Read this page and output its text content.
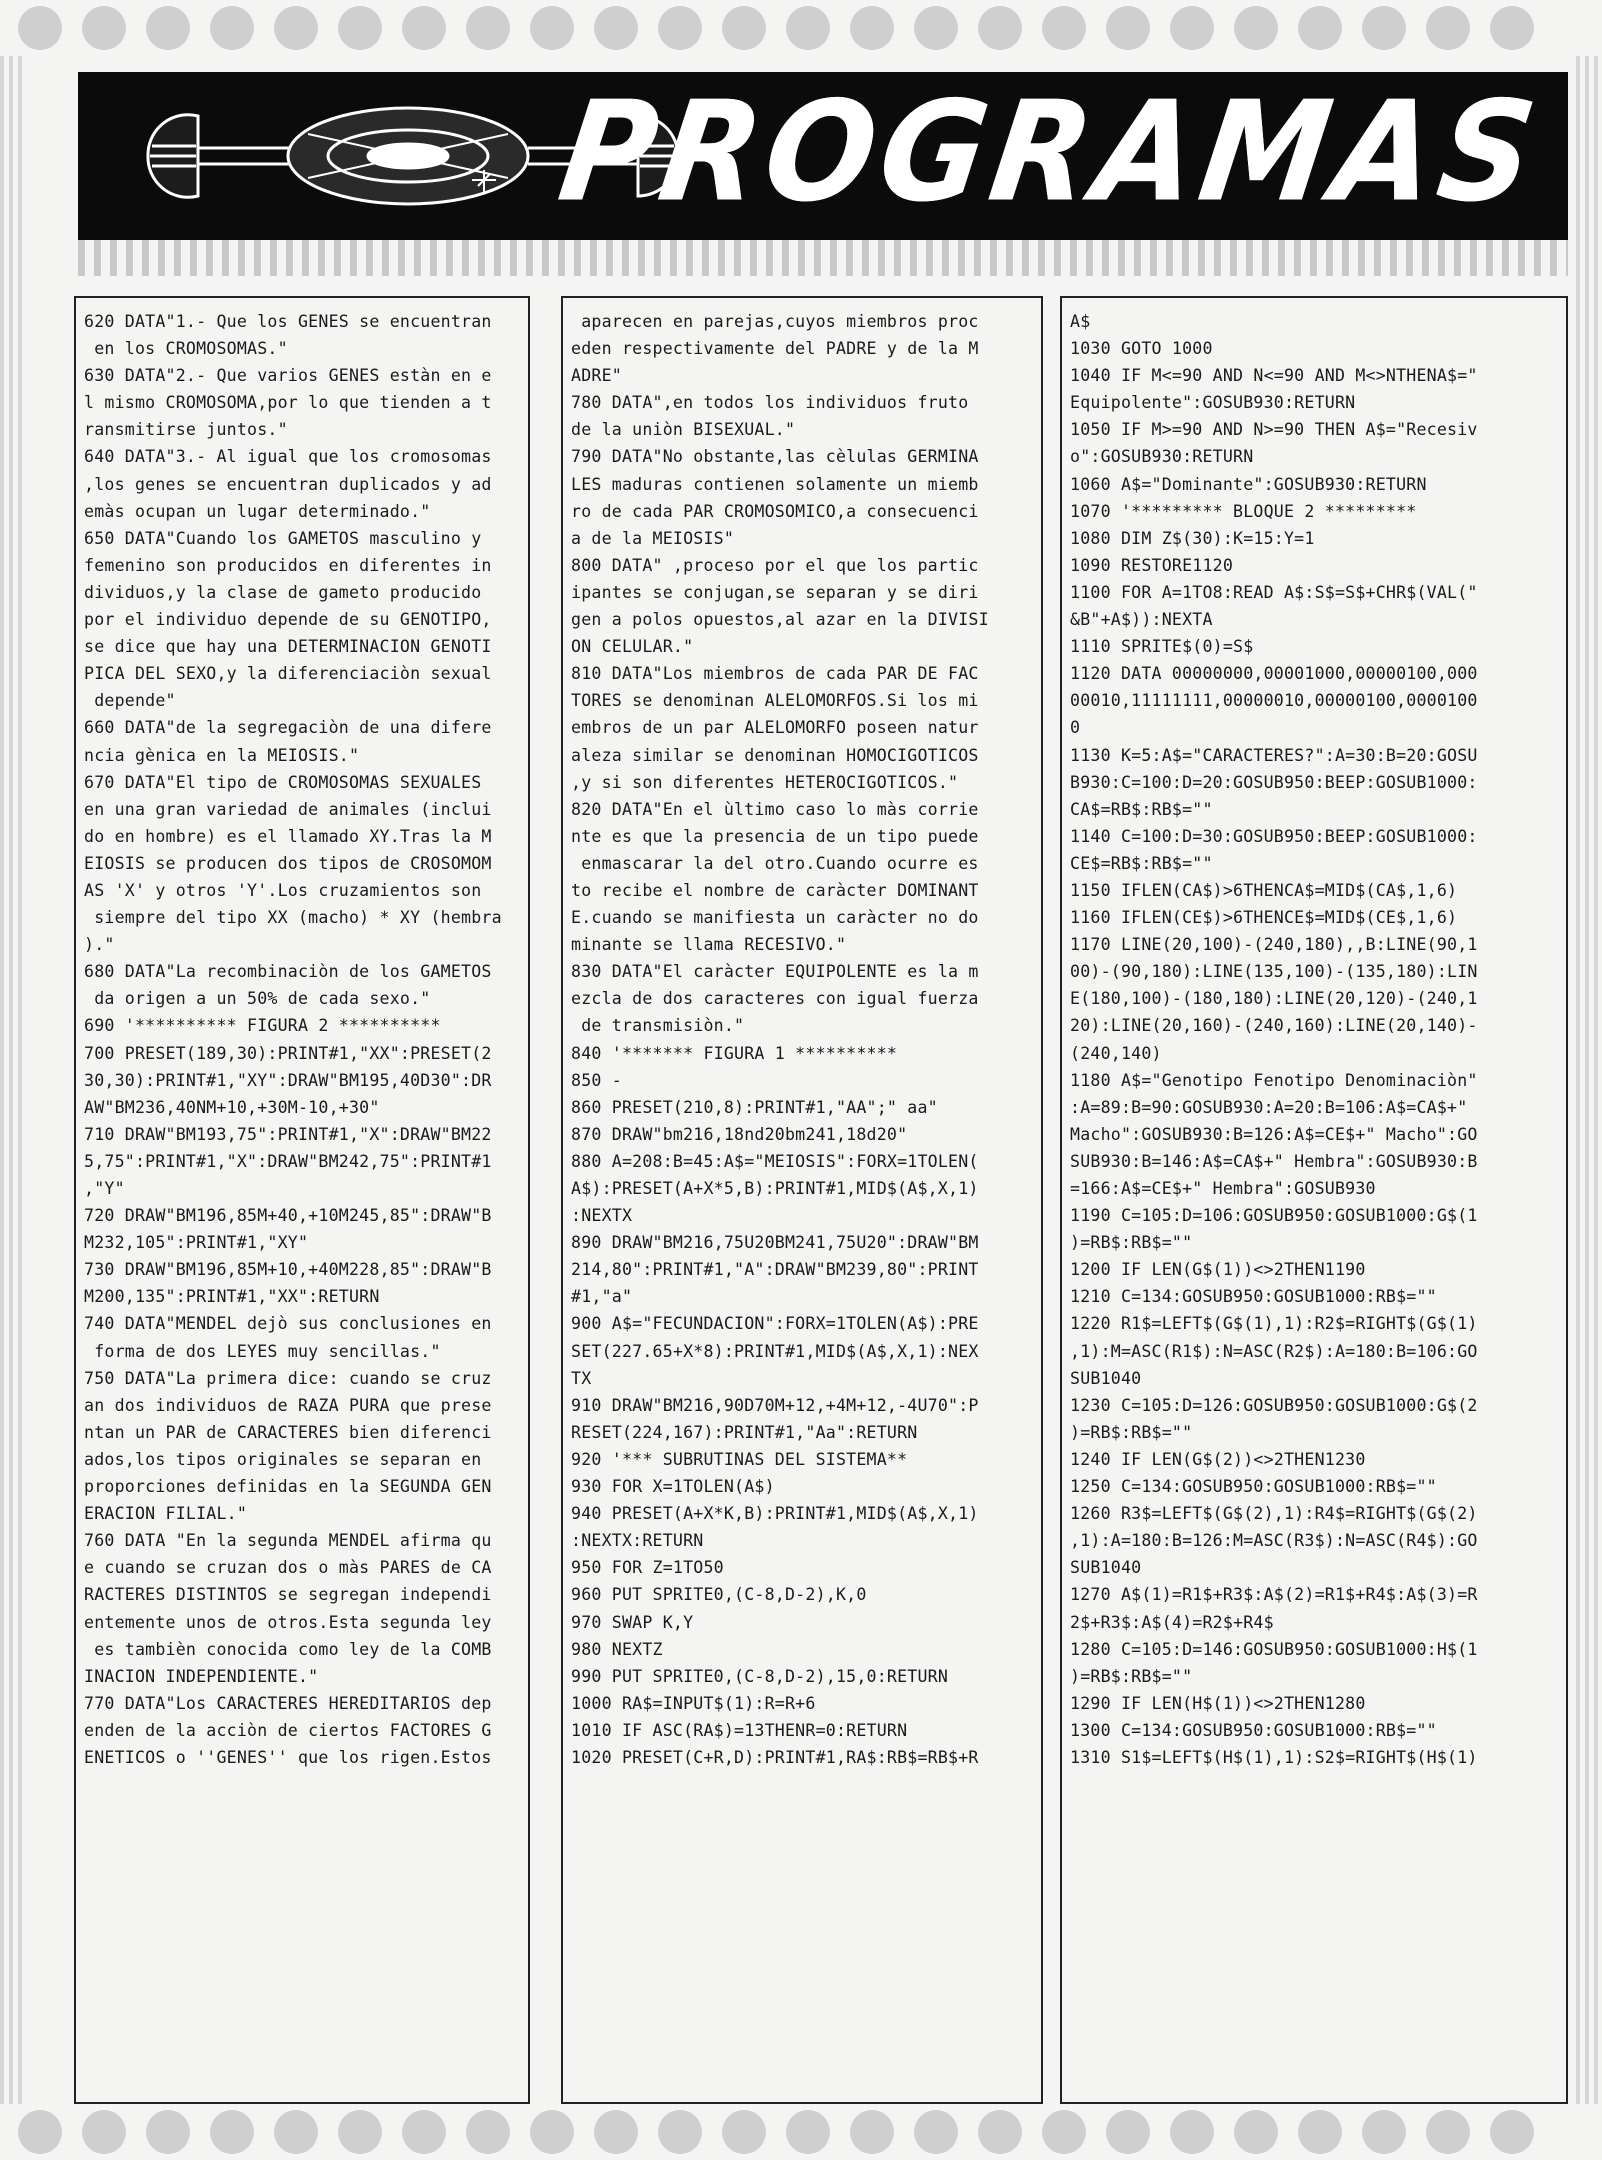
PROGRAMAS
620 DATA"1.- Que los GENES se encuentran
en los CROMOSOMAS."
630 DATA"2.- Que varios GENES estàn en e
l mismo CROMOSOMA,por lo que tienden a t
ransmitirse juntos."
640 DATA"3.- Al igual que los cromosomas
,los genes se encuentran duplicados y ad
emàs ocupan un lugar determinado."
650 DATA"Cuando los GAMETOS masculino y
femenino son producidos en diferentes in
dividuos,y la clase de gameto producido
por el individuo depende de su GENOTIPO,
se dice que hay una DETERMINACION GENOTI
PICA DEL SEXO,y la diferenciaciòn sexual
depende"
660 DATA"de la segregaciòn de una difere
ncia gènica en la MEIOSIS."
670 DATA"El tipo de CROMOSOMAS SEXUALES
en una gran variedad de animales (inclui
do en hombre) es el llamado XY.Tras la M
EIOSIS se producen dos tipos de CROSOMOM
AS 'X' y otros 'Y'.Los cruzamientos son
siempre del tipo XX (macho) * XY (hembra
)."
680 DATA"La recombinaciòn de los GAMETOS
da origen a un 50% de cada sexo."
690 '********** FIGURA 2 **********
700 PRESET(189,30):PRINT#1,"XX":PRESET(2
30,30):PRINT#1,"XY":DRAW"BM195,40D30":DR
AW"BM236,40NM+10,+30M-10,+30"
710 DRAW"BM193,75":PRINT#1,"X":DRAW"BM22
5,75":PRINT#1,"X":DRAW"BM242,75":PRINT#1
,"Y"
720 DRAW"BM196,85M+40,+10M245,85":DRAW"B
M232,105":PRINT#1,"XY"
730 DRAW"BM196,85M+10,+40M228,85":DRAW"B
M200,135":PRINT#1,"XX":RETURN
740 DATA"MENDEL dejò sus conclusiones en
forma de dos LEYES muy sencillas."
750 DATA"La primera dice: cuando se cruz
an dos individuos de RAZA PURA que prese
ntan un PAR de CARACTERES bien diferenci
ados,los tipos originales se separan en
proporciones definidas en la SEGUNDA GEN
ERACION FILIAL."
760 DATA "En la segunda MENDEL afirma qu
e cuando se cruzan dos o màs PARES de CA
RACTERES DISTINTOS se segregan independi
entemente unos de otros.Esta segunda ley
es tambièn conocida como ley de la COMB
INACION INDEPENDIENTE."
770 DATA"Los CARACTERES HEREDITARIOS dep
enden de la acciòn de ciertos FACTORES G
ENETICOS o ''GENES'' que los rigen.Estos
aparecen en parejas,cuyos miembros proc
eden respectivamente del PADRE y de la M
ADRE"
780 DATA",en todos los individuos fruto
de la uniòn BISEXUAL."
790 DATA"No obstante,las cèlulas GERMINA
LES maduras contienen solamente un miemb
ro de cada PAR CROMOSOMICO,a consecuenci
a de la MEIOSIS"
800 DATA" ,proceso por el que los partic
ipantes se conjugan,se separan y se diri
gen a polos opuestos,al azar en la DIVISI
ON CELULAR."
810 DATA"Los miembros de cada PAR DE FAC
TORES se denominan ALELOMORFOS.Si los mi
embros de un par ALELOMORFO poseen natur
aleza similar se denominan HOMOCIGOTICOS
,y si son diferentes HETEROCIGOTICOS."
820 DATA"En el ùltimo caso lo màs corrie
nte es que la presencia de un tipo puede
enmascarar la del otro.Cuando ocurre es
to recibe el nombre de caràcter DOMINANT
E.cuando se manifiesta un caràcter no do
minante se llama RECESIVO."
830 DATA"El caràcter EQUIPOLENTE es la m
ezcla de dos caracteres con igual fuerza
de transmisiòn."
840 '******* FIGURA 1 **********
850 -
860 PRESET(210,8):PRINT#1,"AA";" aa"
870 DRAW"bm216,18nd20bm241,18d20"
880 A=208:B=45:A$="MEIOSIS":FORX=1TOLEN(
A$):PRESET(A+X*5,B):PRINT#1,MID$(A$,X,1)
:NEXTX
890 DRAW"BM216,75U20BM241,75U20":DRAW"BM
214,80":PRINT#1,"A":DRAW"BM239,80":PRINT
#1,"a"
900 A$="FECUNDACION":FORX=1TOLEN(A$):PRE
SET(227.65+X*8):PRINT#1,MID$(A$,X,1):NEX
TX
910 DRAW"BM216,90D70M+12,+4M+12,-4U70":P
RESET(224,167):PRINT#1,"Aa":RETURN
920 '*** SUBRUTINAS DEL SISTEMA**
930 FOR X=1TOLEN(A$)
940 PRESET(A+X*K,B):PRINT#1,MID$(A$,X,1)
:NEXTX:RETURN
950 FOR Z=1TO50
960 PUT SPRITE0,(C-8,D-2),K,0
970 SWAP K,Y
980 NEXTZ
990 PUT SPRITE0,(C-8,D-2),15,0:RETURN
1000 RA$=INPUT$(1):R=R+6
1010 IF ASC(RA$)=13THENR=0:RETURN
1020 PRESET(C+R,D):PRINT#1,RA$:RB$=RB$+R
A$
1030 GOTO 1000
1040 IF M<=90 AND N<=90 AND M<>NTHENA$="
Equipolente":GOSUB930:RETURN
1050 IF M>=90 AND N>=90 THEN A$="Recesiv
o":GOSUB930:RETURN
1060 A$="Dominante":GOSUB930:RETURN
1070 '********* BLOQUE 2 *********
1080 DIM Z$(30):K=15:Y=1
1090 RESTORE1120
1100 FOR A=1TO8:READ A$:S$=S$+CHR$(VAL("
&B"+A$)):NEXTA
1110 SPRITE$(0)=S$
1120 DATA 00000000,00001000,00000100,000
00010,11111111,00000010,00000100,0000100
0
1130 K=5:A$="CARACTERES?":A=30:B=20:GOSU
B930:C=100:D=20:GOSUB950:BEEP:GOSUB1000:
CA$=RB$:RB$=""
1140 C=100:D=30:GOSUB950:BEEP:GOSUB1000:
CE$=RB$:RB$=""
1150 IFLEN(CA$)>6THENCA$=MID$(CA$,1,6)
1160 IFLEN(CE$)>6THENCE$=MID$(CE$,1,6)
1170 LINE(20,100)-(240,180),,B:LINE(90,1
00)-(90,180):LINE(135,100)-(135,180):LIN
E(180,100)-(180,180):LINE(20,120)-(240,1
20):LINE(20,160)-(240,160):LINE(20,140)-
(240,140)
1180 A$="Genotipo Fenotipo Denominaciòn"
:A=89:B=90:GOSUB930:A=20:B=106:A$=CA$+"
Macho":GOSUB930:B=126:A$=CE$+" Macho":GO
SUB930:B=146:A$=CA$+" Hembra":GOSUB930:B
=166:A$=CE$+" Hembra":GOSUB930
1190 C=105:D=106:GOSUB950:GOSUB1000:G$(1
)=RB$:RB$=""
1200 IF LEN(G$(1))<>2THEN1190
1210 C=134:GOSUB950:GOSUB1000:RB$=""
1220 R1$=LEFT$(G$(1),1):R2$=RIGHT$(G$(1)
,1):M=ASC(R1$):N=ASC(R2$):A=180:B=106:GO
SUB1040
1230 C=105:D=126:GOSUB950:GOSUB1000:G$(2
)=RB$:RB$=""
1240 IF LEN(G$(2))<>2THEN1230
1250 C=134:GOSUB950:GOSUB1000:RB$=""
1260 R3$=LEFT$(G$(2),1):R4$=RIGHT$(G$(2)
,1):A=180:B=126:M=ASC(R3$):N=ASC(R4$):GO
SUB1040
1270 A$(1)=R1$+R3$:A$(2)=R1$+R4$:A$(3)=R
2$+R3$:A$(4)=R2$+R4$
1280 C=105:D=146:GOSUB950:GOSUB1000:H$(1
)=RB$:RB$=""
1290 IF LEN(H$(1))<>2THEN1280
1300 C=134:GOSUB950:GOSUB1000:RB$=""
1310 S1$=LEFT$(H$(1),1):S2$=RIGHT$(H$(1)
